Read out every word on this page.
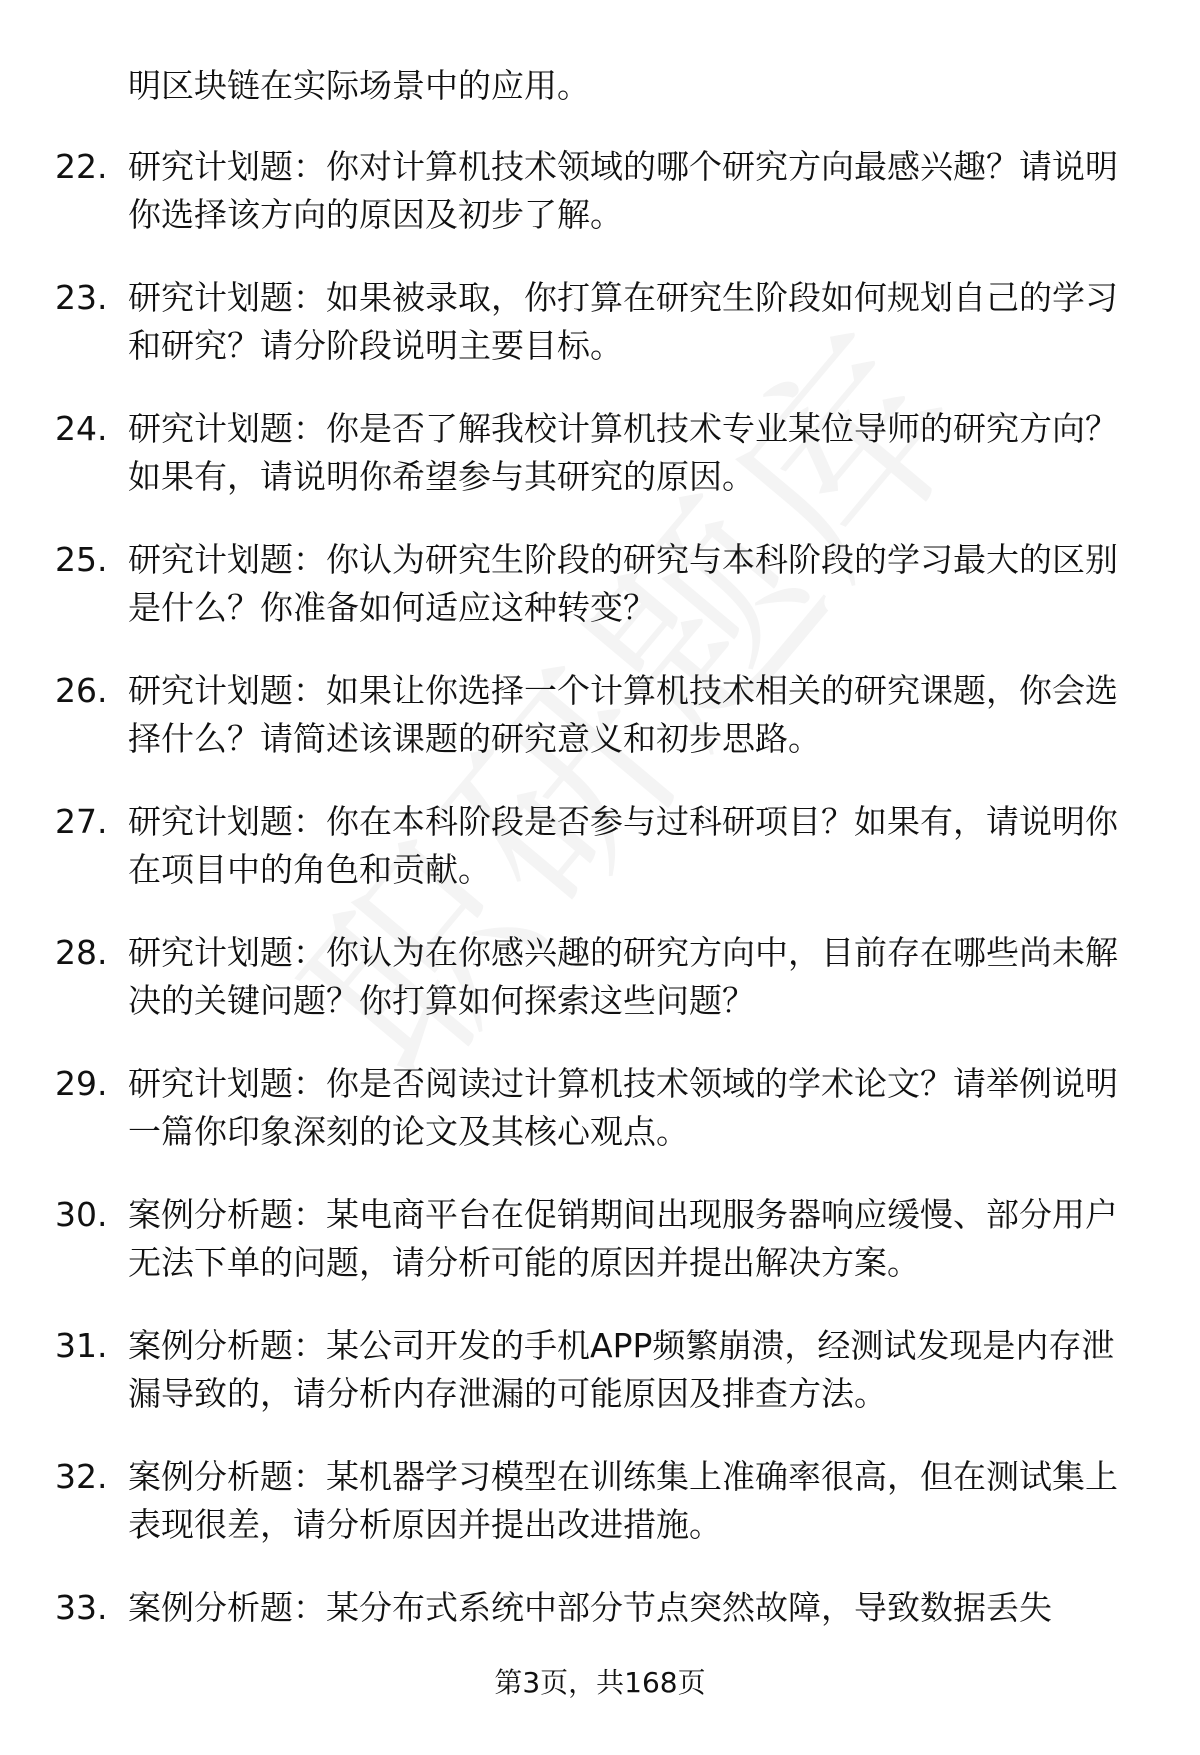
明区块链在实际场景中的应用。

22. 研究计划题：你对计算机技术领域的哪个研究方向最感兴趣？请说明你选择该方向的原因及初步了解。
23. 研究计划题：如果被录取，你打算在研究生阶段如何规划自己的学习和研究？请分阶段说明主要目标。
24. 研究计划题：你是否了解我校计算机技术专业某位导师的研究方向？如果有，请说明你希望参与其研究的原因。
25. 研究计划题：你认为研究生阶段的研究与本科阶段的学习最大的区别是什么？你准备如何适应这种转变？
26. 研究计划题：如果让你选择一个计算机技术相关的研究课题，你会选择什么？请简述该课题的研究意义和初步思路。
27. 研究计划题：你在本科阶段是否参与过科研项目？如果有，请说明你在项目中的角色和贡献。
28. 研究计划题：你认为在你感兴趣的研究方向中，目前存在哪些尚未解决的关键问题？你打算如何探索这些问题？
29. 研究计划题：你是否阅读过计算机技术领域的学术论文？请举例说明一篇你印象深刻的论文及其核心观点。
30. 案例分析题：某电商平台在促销期间出现服务器响应缓慢、部分用户无法下单的问题，请分析可能的原因并提出解决方案。
31. 案例分析题：某公司开发的手机APP频繁崩溃，经测试发现是内存泄漏导致的，请分析内存泄漏的可能原因及排查方法。
32. 案例分析题：某机器学习模型在训练集上准确率很高，但在测试集上表现很差，请分析原因并提出改进措施。
33. 案例分析题：某分布式系统中部分节点突然故障，导致数据丢失

第3页，共168页
